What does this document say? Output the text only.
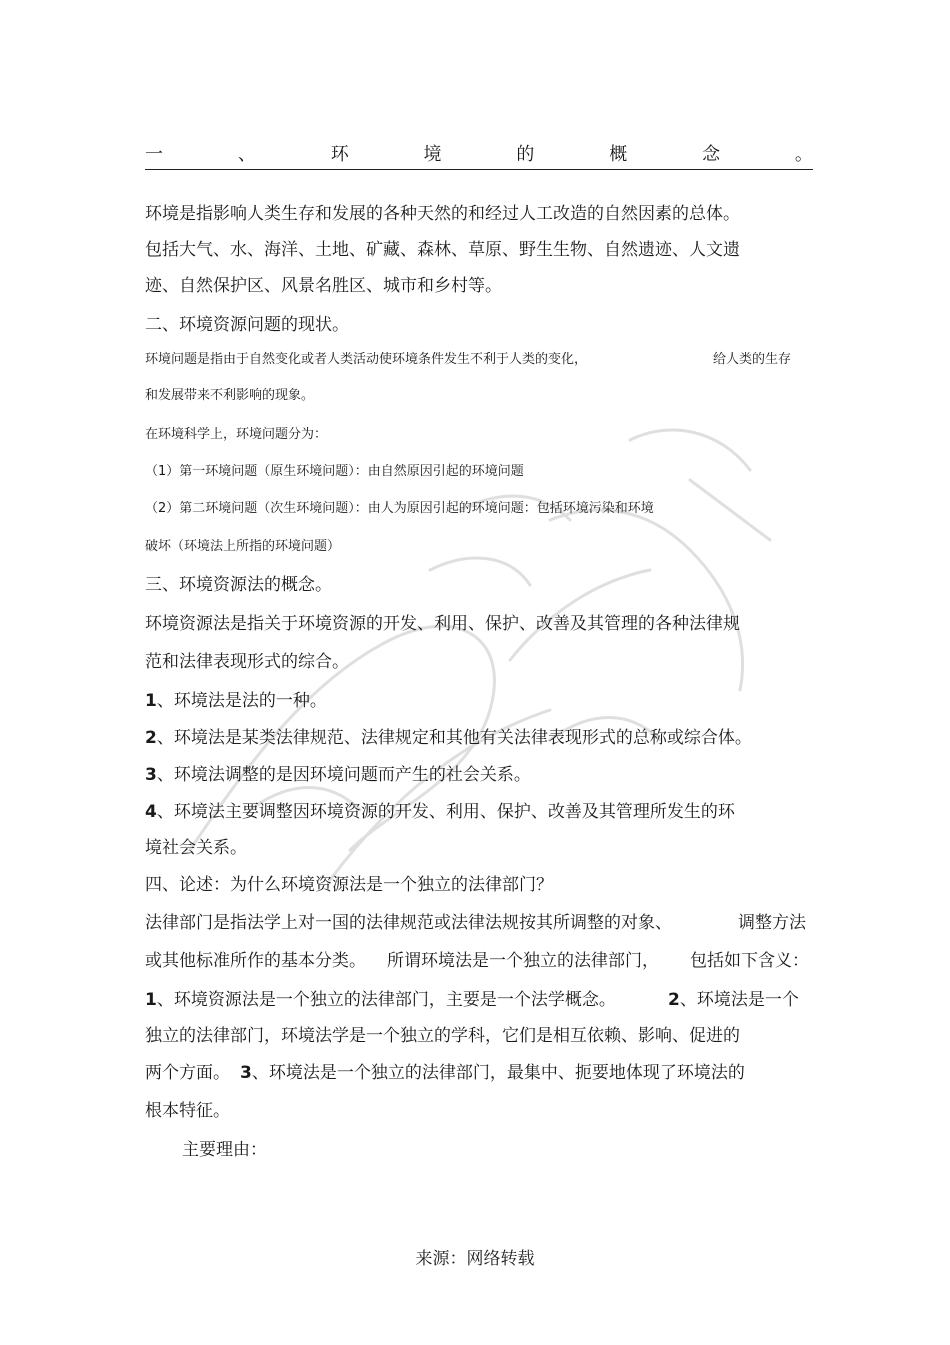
一	、	环	境	的	概	念	。
环境是指影响人类生存和发展的各种天然的和经过人工改造的自然因素的总体。
包括大气、水、海洋、土地、矿藏、森林、草原、野生生物、自然遗迹、人文遗
迹、自然保护区、风景名胜区、城市和乡村等。
二、环境资源问题的现状。
环境问题是指由于自然变化或者人类活动使环境条件发生不利于人类的变化，	给人类的生存
和发展带来不利影响的现象。
在环境科学上，环境问题分为：
（1）第一环境问题（原生环境问题）：由自然原因引起的环境问题
（2）第二环境问题（次生环境问题）：由人为原因引起的环境问题：包括环境污染和环境
破坏（环境法上所指的环境问题）
三、环境资源法的概念。
环境资源法是指关于环境资源的开发、利用、保护、改善及其管理的各种法律规
范和法律表现形式的综合。
1、环境法是法的一种。
2、环境法是某类法律规范、法律规定和其他有关法律表现形式的总称或综合体。
3、环境法调整的是因环境问题而产生的社会关系。
4、环境法主要调整因环境资源的开发、利用、保护、改善及其管理所发生的环
境社会关系。
四、论述：为什么环境资源法是一个独立的法律部门？
法律部门是指法学上对一国的法律规范或法律法规按其所调整的对象、	调整方法
或其他标准所作的基本分类。 所谓环境法是一个独立的法律部门， 包括如下含义：
1、环境资源法是一个独立的法律部门，主要是一个法学概念。	2、环境法是一个
独立的法律部门，环境法学是一个独立的学科，它们是相互依赖、影响、促进的
两个方面。 3、环境法是一个独立的法律部门，最集中、扼要地体现了环境法的
根本特征。
主要理由：
来源：网络转载
